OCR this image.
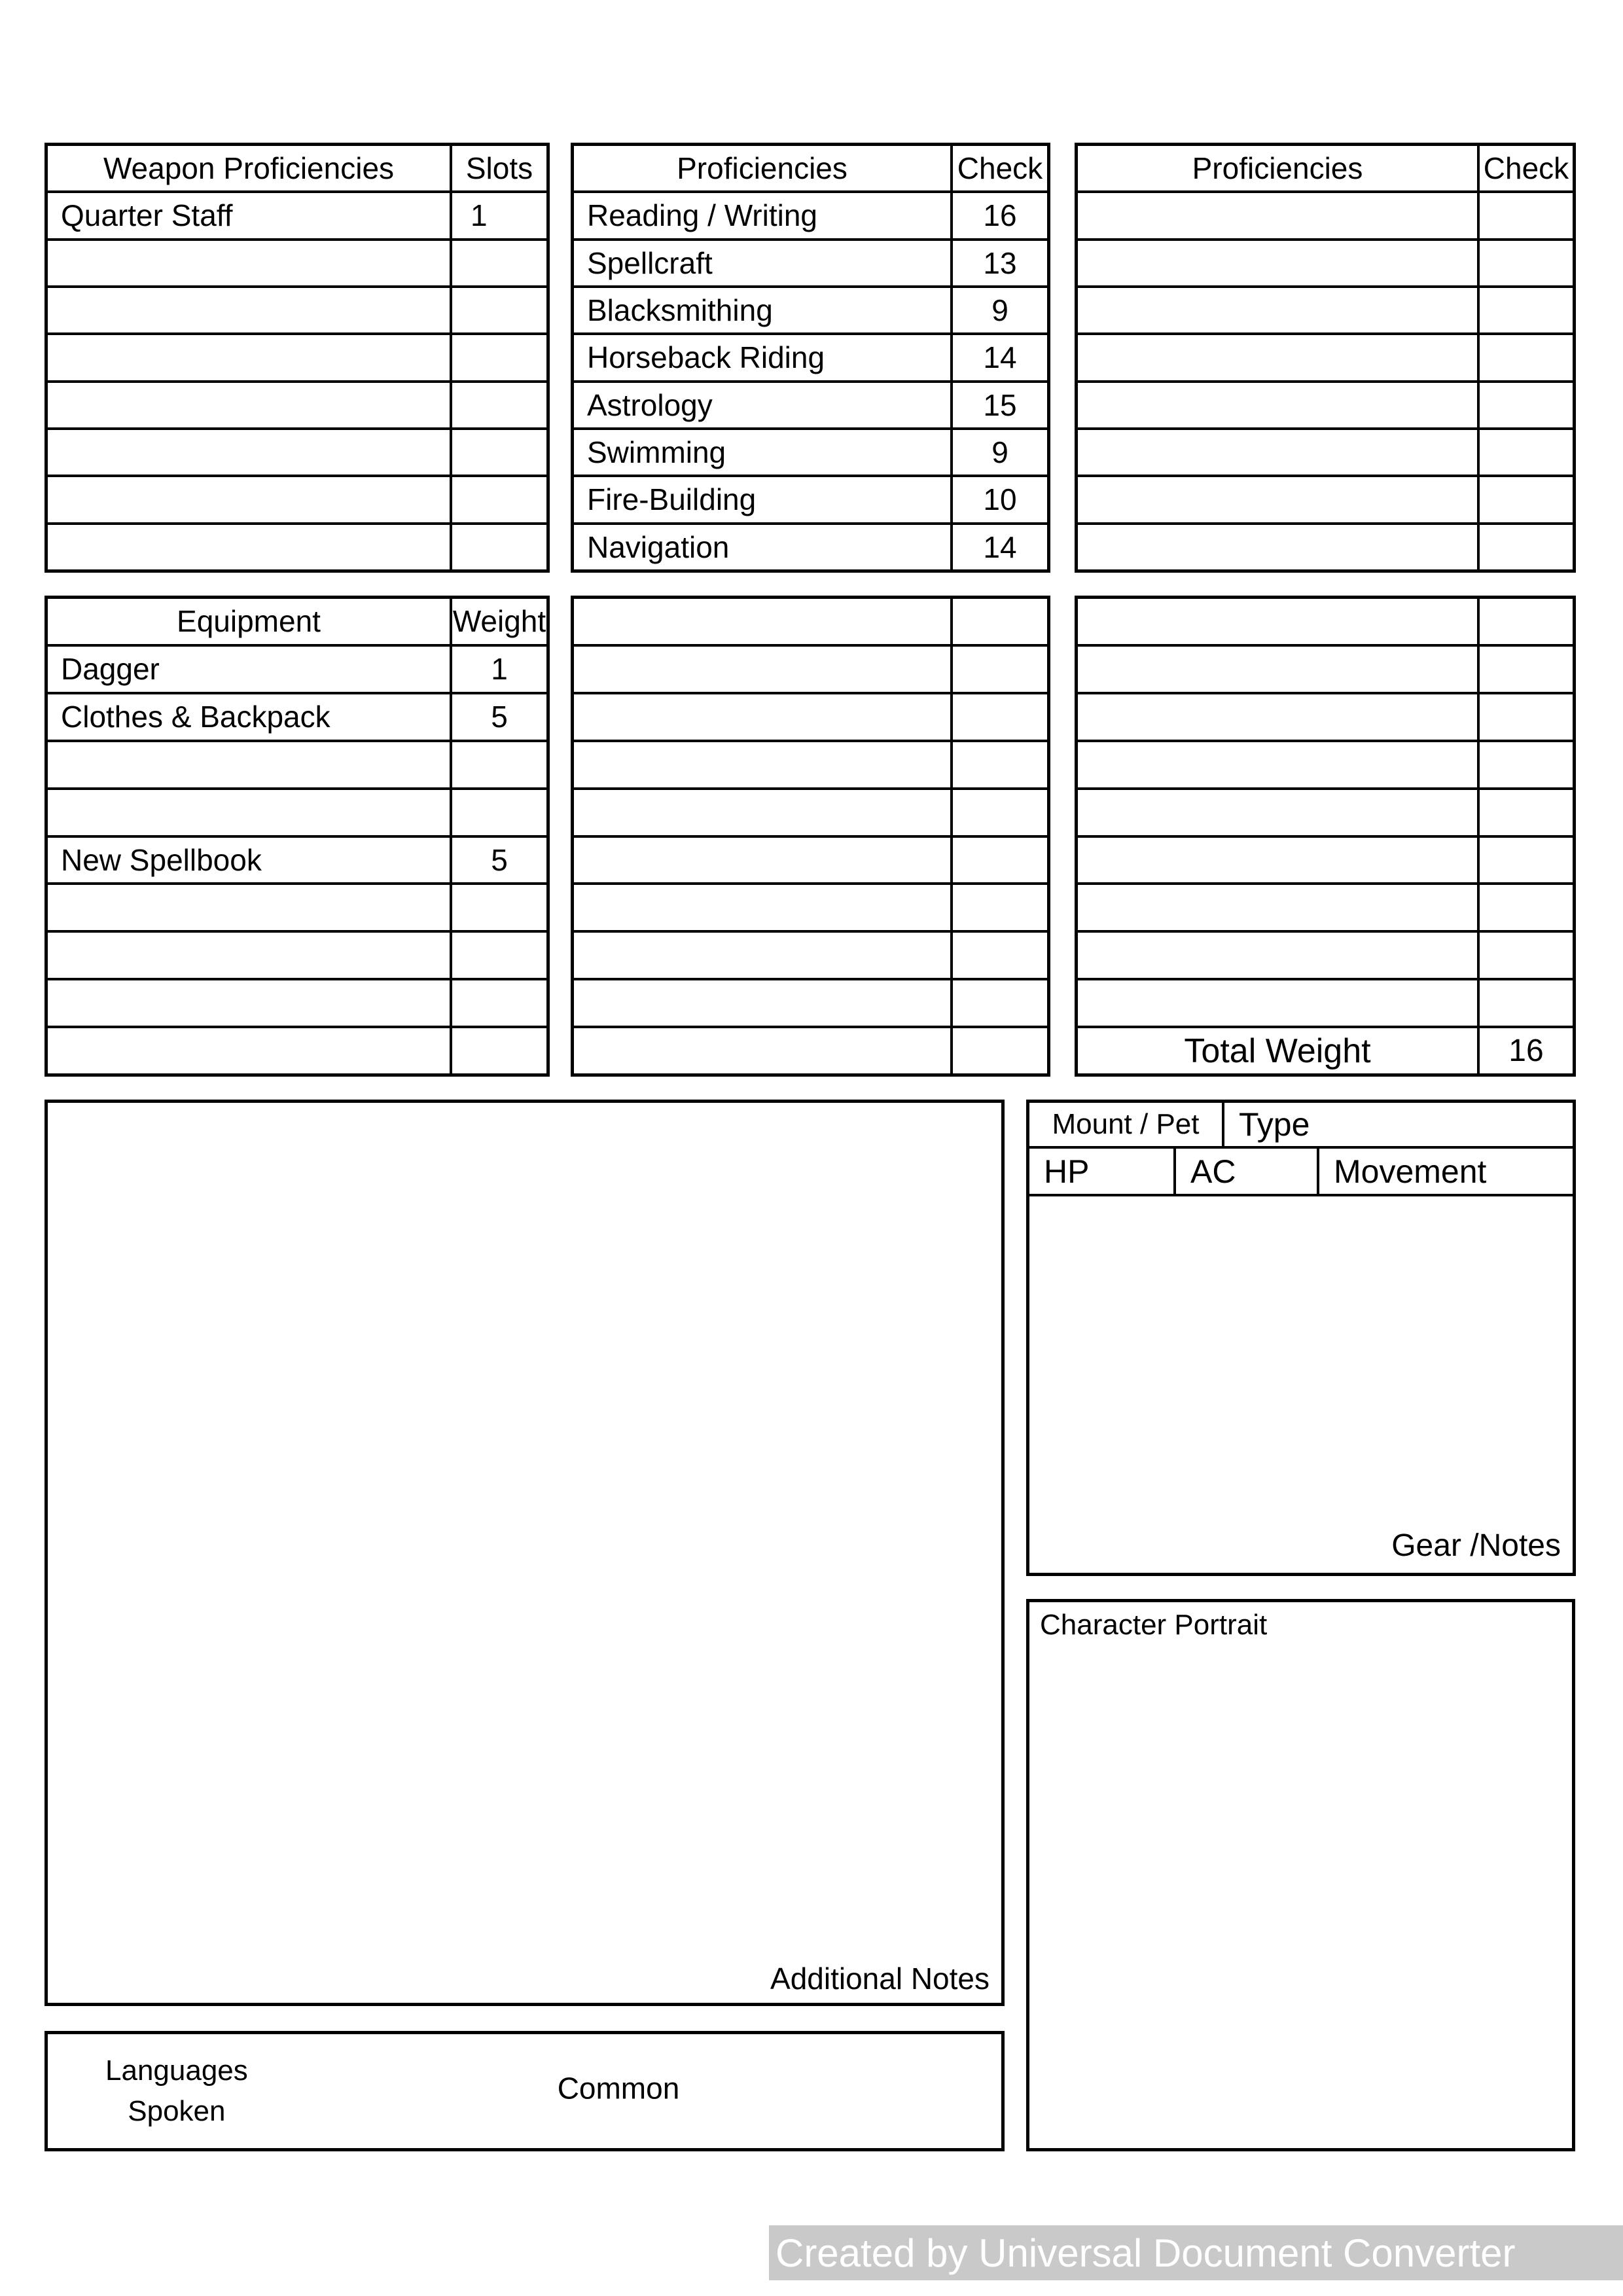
Weapon Proficiencies	Slots
Quarter Staff	1
Proficiencies	Check
Reading / Writing	16
Spellcraft	13
Blacksmithing	9
Horseback Riding	14
Astrology	15
Swimming	9
Fire-Building	10
Navigation	14
Proficiencies	Check
Equipment	Weight
Dagger	1
Clothes & Backpack	5
New Spellbook	5
Total Weight	16
Additional Notes
Mount / Pet	Type
HP	AC	Movement
Gear /Notes
Character Portrait
Languages
Spoken
Common
Created by Universal Document Converter
